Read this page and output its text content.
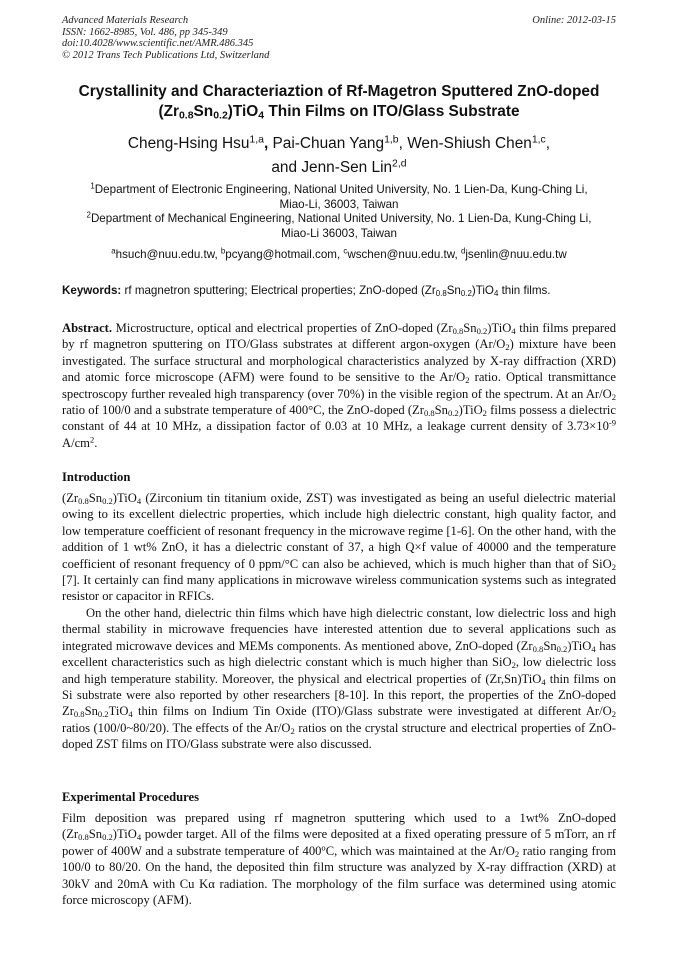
Advanced Materials Research
ISSN: 1662-8985, Vol. 486, pp 345-349
doi:10.4028/www.scientific.net/AMR.486.345
© 2012 Trans Tech Publications Ltd, Switzerland
Online: 2012-03-15
Crystallinity and Characteriaztion of Rf-Magetron Sputtered ZnO-doped
$(Zr_{0.8}Sn_{0.2})TiO_4$ Thin Films on ITO/Glass Substrate
Cheng-Hsing Hsu$^{1,a}$, Pai-Chuan Yang$^{1,b}$, Wen-Shiush Chen$^{1,c}$,
and Jenn-Sen Lin$^{2,d}$
$^1$Department of Electronic Engineering, National United University, No. 1 Lien-Da, Kung-Ching Li,
Miao-Li, 36003, Taiwan
$^2$Department of Mechanical Engineering, National United University, No. 1 Lien-Da, Kung-Ching Li,
Miao-Li 36003, Taiwan
$^a$hsuch@nuu.edu.tw, $^b$pcyang@hotmail.com, $^c$wschen@nuu.edu.tw, $^d$jsenlin@nuu.edu.tw
Keywords: rf magnetron sputtering; Electrical properties; ZnO-doped $(Zr_{0.8}Sn_{0.2})TiO_4$ thin films.
Abstract. Microstructure, optical and electrical properties of ZnO-doped $(Zr_{0.8}Sn_{0.2})TiO_4$ thin films prepared by rf magnetron sputtering on ITO/Glass substrates at different argon-oxygen $(Ar/O_2)$ mixture have been investigated. The surface structural and morphological characteristics analyzed by X-ray diffraction (XRD) and atomic force microscope (AFM) were found to be sensitive to the $Ar/O_2$ ratio. Optical transmittance spectroscopy further revealed high transparency (over 70%) in the visible region of the spectrum. At an $Ar/O_2$ ratio of 100/0 and a substrate temperature of 400°C, the ZnO-doped $(Zr_{0.8}Sn_{0.2})TiO_2$ films possess a dielectric constant of 44 at 10 MHz, a dissipation factor of 0.03 at 10 MHz, a leakage current density of $3.73\times 10^{-9}$ $A/cm^2$.
Introduction
$(Zr_{0.8}Sn_{0.2})TiO_4$ (Zirconium tin titanium oxide, ZST) was investigated as being an useful dielectric material owing to its excellent dielectric properties, which include high dielectric constant, high quality factor, and low temperature coefficient of resonant frequency in the microwave regime [1-6]. On the other hand, with the addition of 1 wt% ZnO, it has a dielectric constant of 37, a high Q×f value of 40000 and the temperature coefficient of resonant frequency of 0 ppm/°C can also be achieved, which is much higher than that of SiO$_2$ [7]. It certainly can find many applications in microwave wireless communication systems such as integrated resistor or capacitor in RFICs.
On the other hand, dielectric thin films which have high dielectric constant, low dielectric loss and high thermal stability in microwave frequencies have interested attention due to several applications such as integrated microwave devices and MEMs components. As mentioned above, ZnO-doped $(Zr_{0.8}Sn_{0.2})TiO_4$ has excellent characteristics such as high dielectric constant which is much higher than SiO$_2$, low dielectric loss and high temperature stability. Moreover, the physical and electrical properties of (Zr,Sn)TiO$_4$ thin films on Si substrate were also reported by other researchers [8-10]. In this report, the properties of the ZnO-doped $Zr_{0.8}Sn_{0.2}TiO_4$ thin films on Indium Tin Oxide (ITO)/Glass substrate were investigated at different $Ar/O_2$ ratios (100/0~80/20). The effects of the $Ar/O_2$ ratios on the crystal structure and electrical properties of ZnO-doped ZST films on ITO/Glass substrate were also discussed.
Experimental Procedures
Film deposition was prepared using rf magnetron sputtering which used to a 1wt% ZnO-doped $(Zr_{0.8}Sn_{0.2})TiO_4$ powder target. All of the films were deposited at a fixed operating pressure of 5 mTorr, an rf power of 400W and a substrate temperature of 400$^o$C, which was maintained at the $Ar/O_2$ ratio ranging from 100/0 to 80/20. On the hand, the deposited thin film structure was analyzed by X-ray diffraction (XRD) at 30kV and 20mA with Cu Kα radiation. The morphology of the film surface was determined using atomic force microscopy (AFM).
